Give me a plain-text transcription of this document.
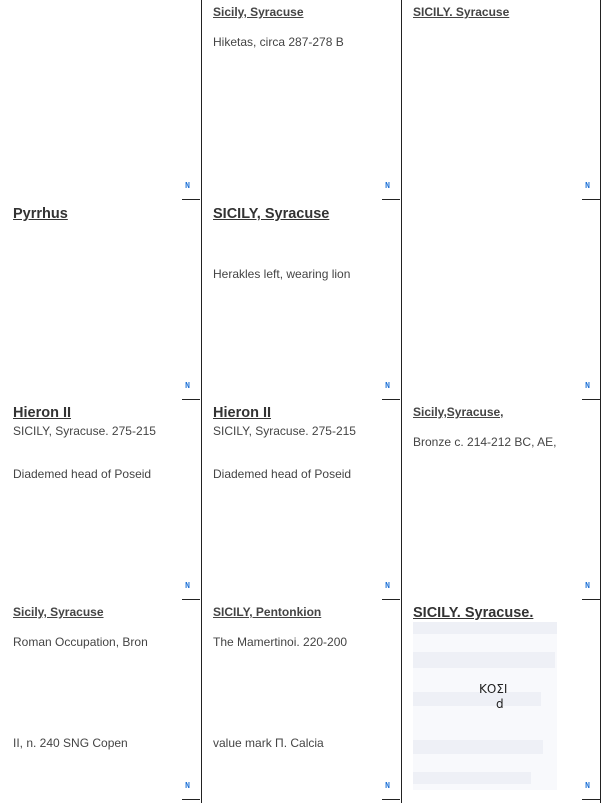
N
Sicily, Syracuse
Hiketas, circa 287-278 B
N
SICILY. Syracuse
N
Pyrrhus
N
SICILY, Syracuse
Herakles left, wearing lion
N	N
Hieron II
SICILY, Syracuse. 275-215
Diademed head of Poseid
N
Hieron II
SICILY, Syracuse. 275-215
Diademed head of Poseid
N
Sicily,Syracuse,
Bronze c. 214-212 BC, AE,
N
Sicily, Syracuse
Roman Occupation, Bron
II, n. 240 SNG Copen
N
SICILY, Pentonkion
The Mamertinoi. 220-200
value mark Π. Calcia
N
SICILY. Syracuse.
ΚΟΣΙ
d
N
